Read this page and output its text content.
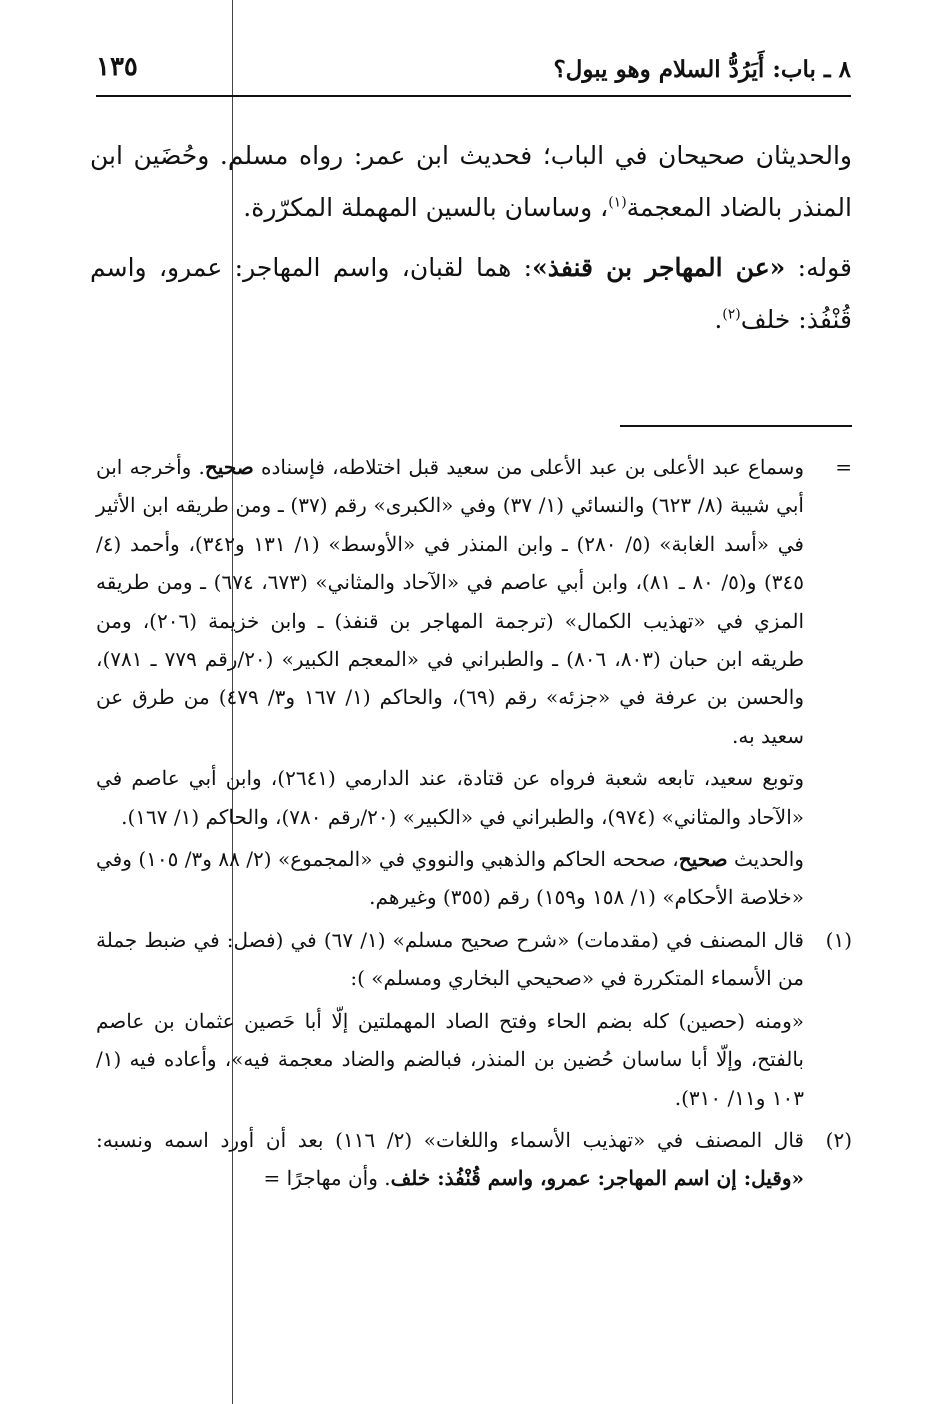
٨ ـ باب: أَيَرُدُّ السلام وهو يبول؟
١٣٥

والحديثان صحيحان في الباب؛ فحديث ابن عمر: رواه مسلم. وحُضَين ابن المنذر بالضاد المعجمة$^{(١)}$، وساسان بالسين المهملة المكرّرة.

قوله: «عن المهاجر بن قنفذ»: هما لقبان، واسم المهاجر: عمرو، واسم قُنْفُذ: خلف$^{(٢)}$.

=
وسماع عبد الأعلى بن عبد الأعلى من سعيد قبل اختلاطه، فإسناده صحيح. وأخرجه ابن أبي شيبة (٨/ ٦٢٣) والنسائي (١/ ٣٧) وفي «الكبرى» رقم (٣٧) ـ ومن طريقه ابن الأثير في «أسد الغابة» (٥/ ٢٨٠) ـ وابن المنذر في «الأوسط» (١/ ١٣١ و٣٤٢)، وأحمد (٤/ ٣٤٥) و(٥/ ٨٠ ـ ٨١)، وابن أبي عاصم في «الآحاد والمثاني» (٦٧٣، ٦٧٤) ـ ومن طريقه المزي في «تهذيب الكمال» (ترجمة المهاجر بن قنفذ) ـ وابن خزيمة (٢٠٦)، ومن طريقه ابن حبان (٨٠٣، ٨٠٦) ـ والطبراني في «المعجم الكبير» (٢٠/رقم ٧٧٩ ـ ٧٨١)، والحسن بن عرفة في «جزئه» رقم (٦٩)، والحاكم (١/ ١٦٧ و٣/ ٤٧٩) من طرق عن سعيد به.

وتوبع سعيد، تابعه شعبة فرواه عن قتادة، عند الدارمي (٢٦٤١)، وابن أبي عاصم في «الآحاد والمثاني» (٩٧٤)، والطبراني في «الكبير» (٢٠/رقم ٧٨٠)، والحاكم (١/ ١٦٧).

والحديث صحيح، صححه الحاكم والذهبي والنووي في «المجموع» (٢/ ٨٨ و٣/ ١٠٥) وفي «خلاصة الأحكام» (١/ ١٥٨ و١٥٩) رقم (٣٥٥) وغيرهم.

(١)
قال المصنف في (مقدمات) «شرح صحيح مسلم» (١/ ٦٧) في (فصل: في ضبط جملة من الأسماء المتكررة في «صحيحي البخاري ومسلم» ):

«ومنه (حصين) كله بضم الحاء وفتح الصاد المهملتين إلّا أبا حَصين عثمان بن عاصم بالفتح، وإلّا أبا ساسان حُضين بن المنذر، فبالضم والضاد معجمة فيه»، وأعاده فيه (١/ ١٠٣ و١١/ ٣١٠).

(٢)
قال المصنف في «تهذيب الأسماء واللغات» (٢/ ١١٦) بعد أن أورد اسمه ونسبه: «وقيل: إن اسم المهاجر: عمرو، واسم قُنْفُذ: خلف. وأن مهاجرًا =
